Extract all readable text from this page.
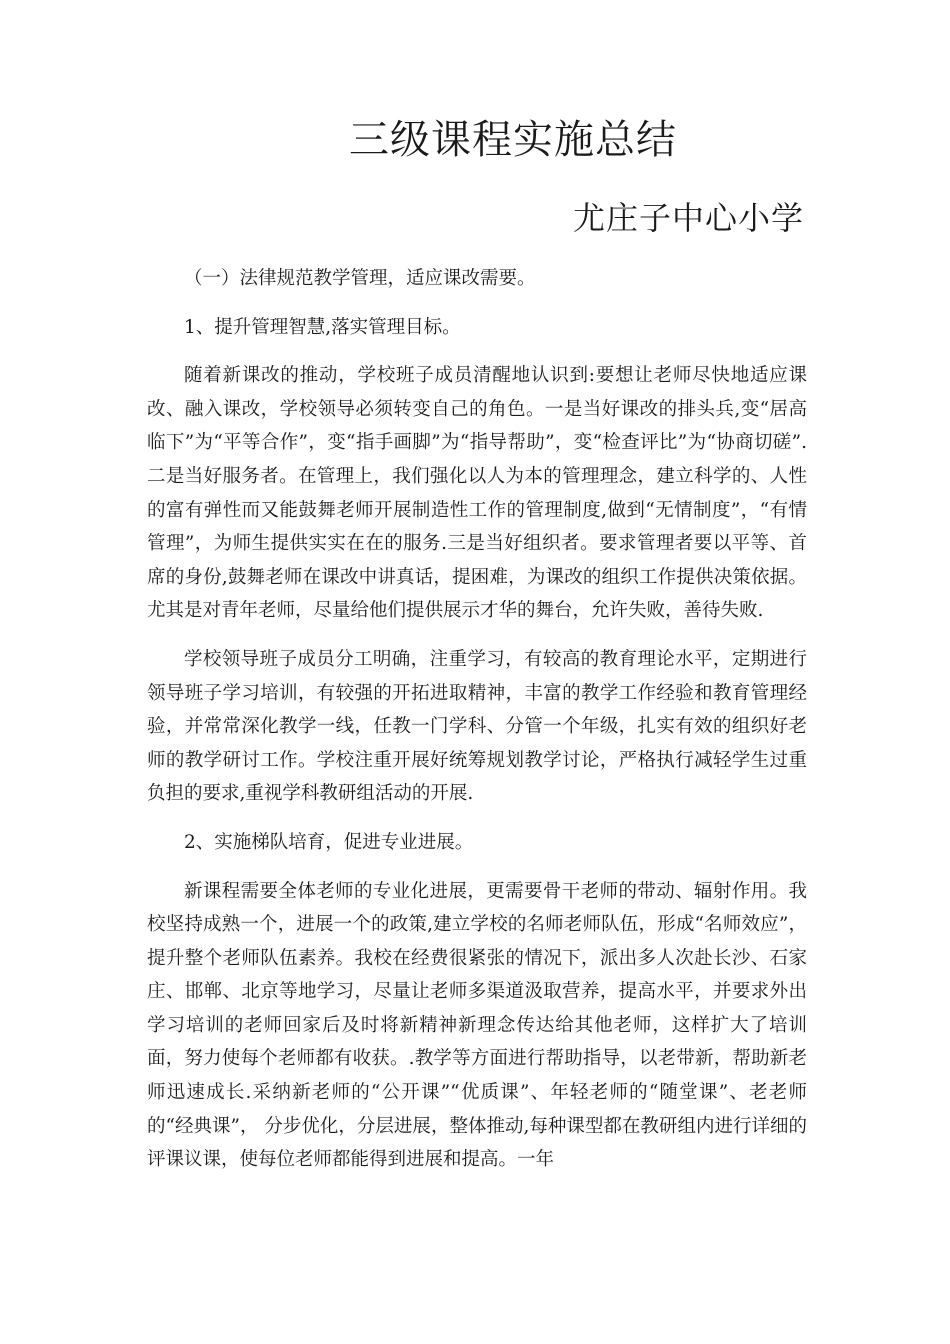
三级课程实施总结
尤庄子中心小学

（一）法律规范教学管理，适应课改需要。

1、提升管理智慧,落实管理目标。

随着新课改的推动，学校班子成员清醒地认识到:要想让老师尽快地适应课改、融入课改，学校领导必须转变自己的角色。一是当好课改的排头兵,变“居高临下”为“平等合作”，变“指手画脚”为“指导帮助”，变“检查评比”为“协商切磋”.二是当好服务者。在管理上，我们强化以人为本的管理理念，建立科学的、人性的富有弹性而又能鼓舞老师开展制造性工作的管理制度,做到“无情制度”，“有情管理”，为师生提供实实在在的服务.三是当好组织者。要求管理者要以平等、首席的身份,鼓舞老师在课改中讲真话，提困难，为课改的组织工作提供决策依据。尤其是对青年老师，尽量给他们提供展示才华的舞台，允许失败，善待失败.

学校领导班子成员分工明确，注重学习，有较高的教育理论水平，定期进行领导班子学习培训，有较强的开拓进取精神，丰富的教学工作经验和教育管理经验，并常常深化教学一线，任教一门学科、分管一个年级，扎实有效的组织好老师的教学研讨工作。学校注重开展好统筹规划教学讨论，严格执行减轻学生过重负担的要求,重视学科教研组活动的开展.

2、实施梯队培育，促进专业进展。

新课程需要全体老师的专业化进展，更需要骨干老师的带动、辐射作用。我校坚持成熟一个，进展一个的政策,建立学校的名师老师队伍，形成“名师效应”，提升整个老师队伍素养。我校在经费很紧张的情况下，派出多人次赴长沙、石家庄、邯郸、北京等地学习，尽量让老师多渠道汲取营养，提高水平，并要求外出学习培训的老师回家后及时将新精神新理念传达给其他老师，这样扩大了培训面，努力使每个老师都有收获。.教学等方面进行帮助指导，以老带新，帮助新老师迅速成长.采纳新老师的“公开课”“优质课”、年轻老师的“随堂课”、老老师的“经典课”， 分步优化，分层进展，整体推动,每种课型都在教研组内进行详细的评课议课，使每位老师都能得到进展和提高。一年
